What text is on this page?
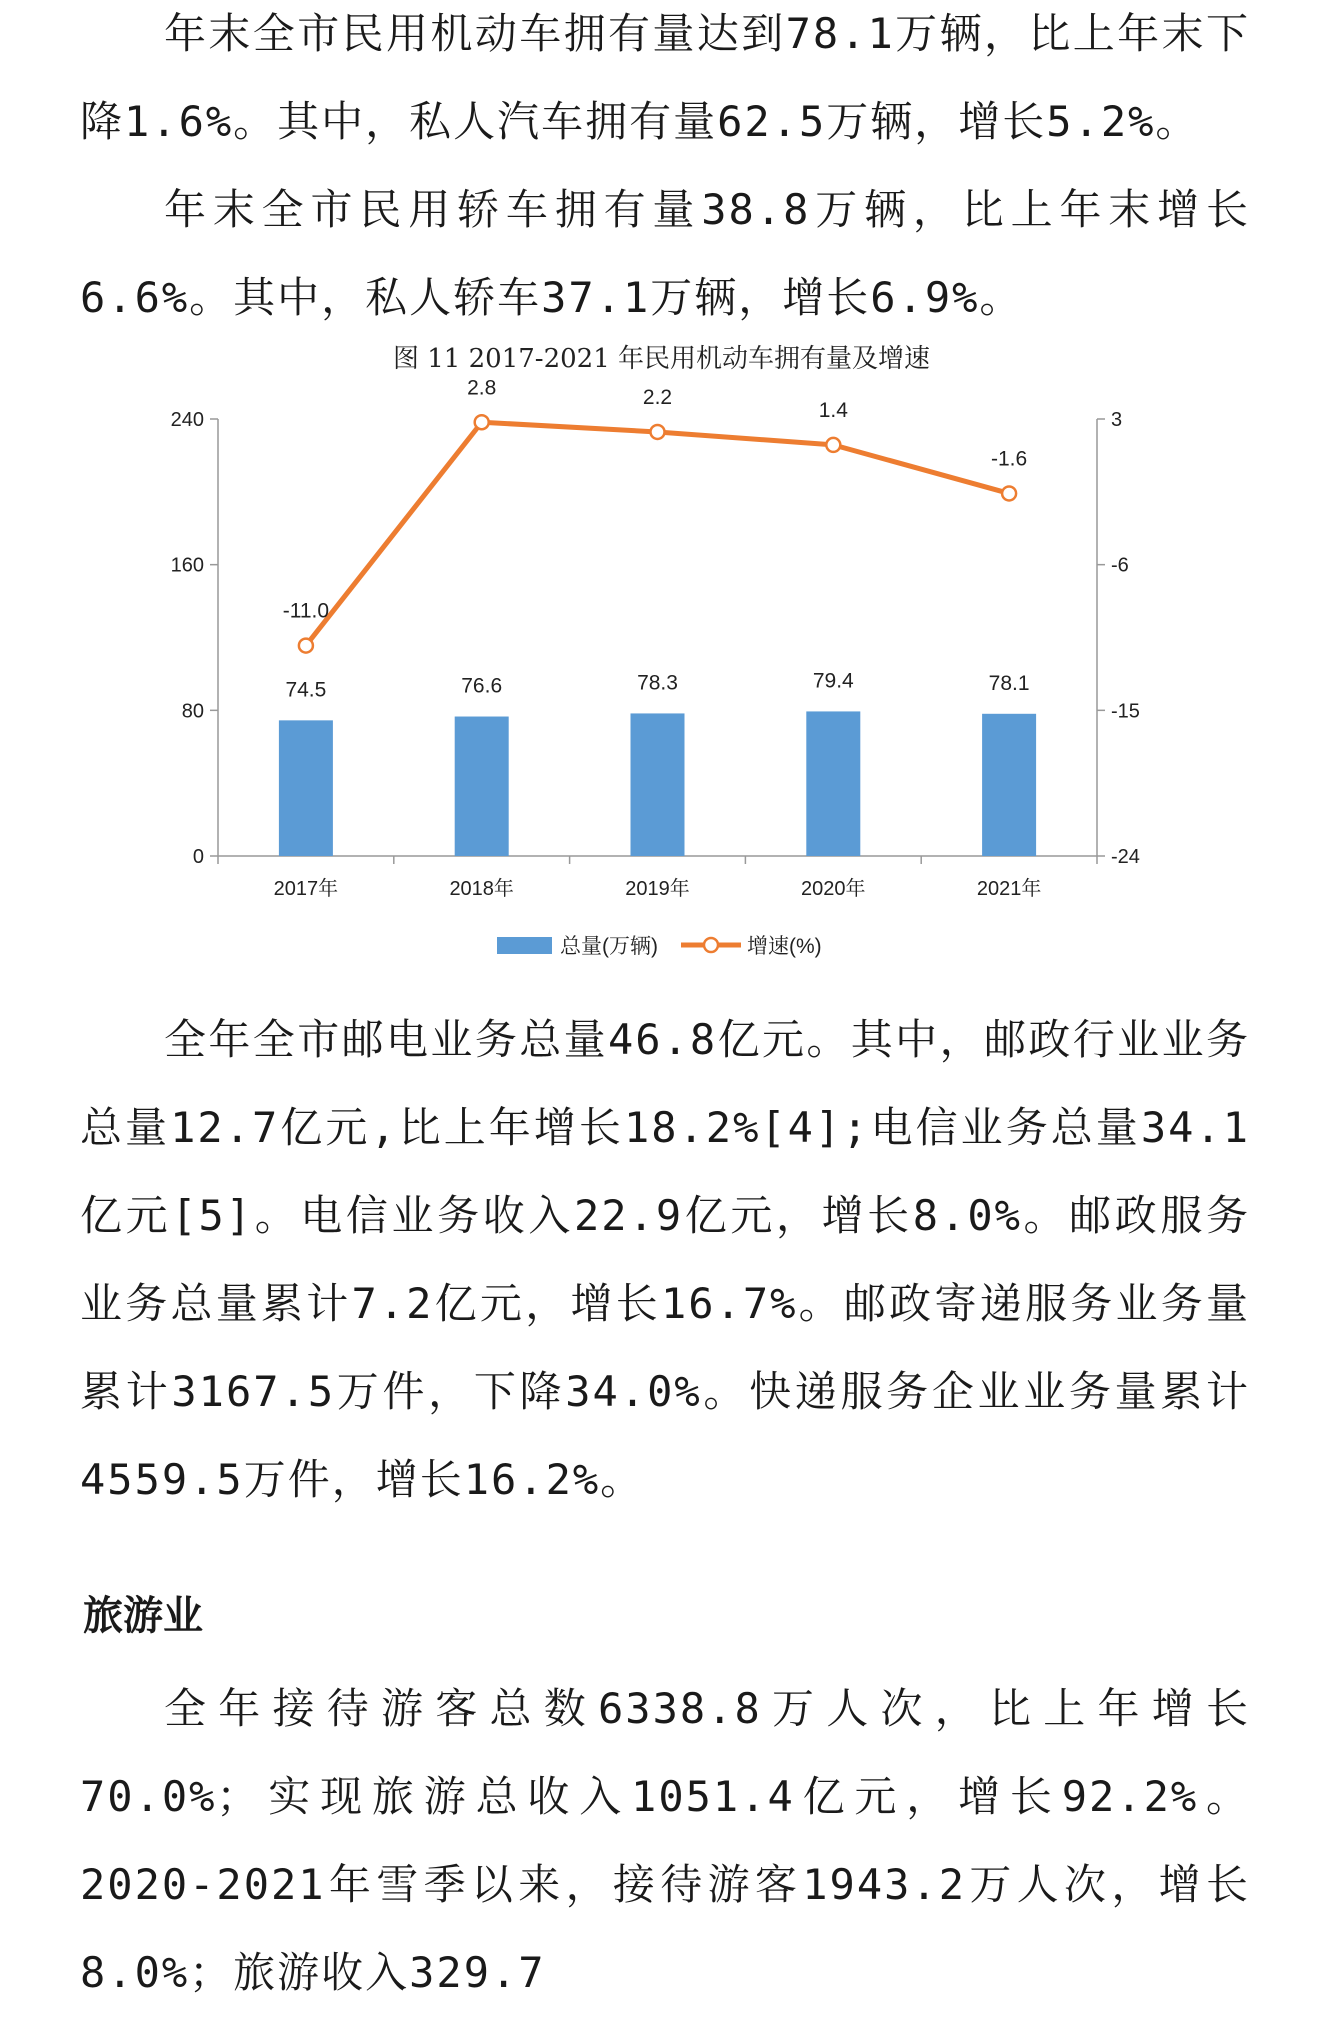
年末全市民用机动车拥有量达到78.1万辆，比上年末下降1.6%。其中，私人汽车拥有量62.5万辆，增长5.2%。

年末全市民用轿车拥有量38.8万辆，比上年末增长6.6%。其中，私人轿车37.1万辆，增长6.9%。

图 11 2017-2021 年民用机动车拥有量及增速
0
80
160
240
-24
-15
-6
3
2017年	2018年	2019年	2020年	2021年
74.5	76.6	78.3	79.4	78.1
-11.0
2.8	2.2
1.4
-1.6
总量(万辆)	增速(%)

全年全市邮电业务总量46.8亿元。其中，邮政行业业务总量12.7亿元,比上年增长18.2%[4];电信业务总量34.1亿元[5]。电信业务收入22.9亿元，增长8.0%。邮政服务业务总量累计7.2亿元，增长16.7%。邮政寄递服务业务量累计3167.5万件，下降34.0%。快递服务企业业务量累计4559.5万件，增长16.2%。

旅游业

全年接待游客总数6338.8万人次，比上年增长70.0%；实现旅游总收入1051.4亿元，增长92.2%。2020-2021年雪季以来，接待游客1943.2万人次，增长8.0%；旅游收入329.7
